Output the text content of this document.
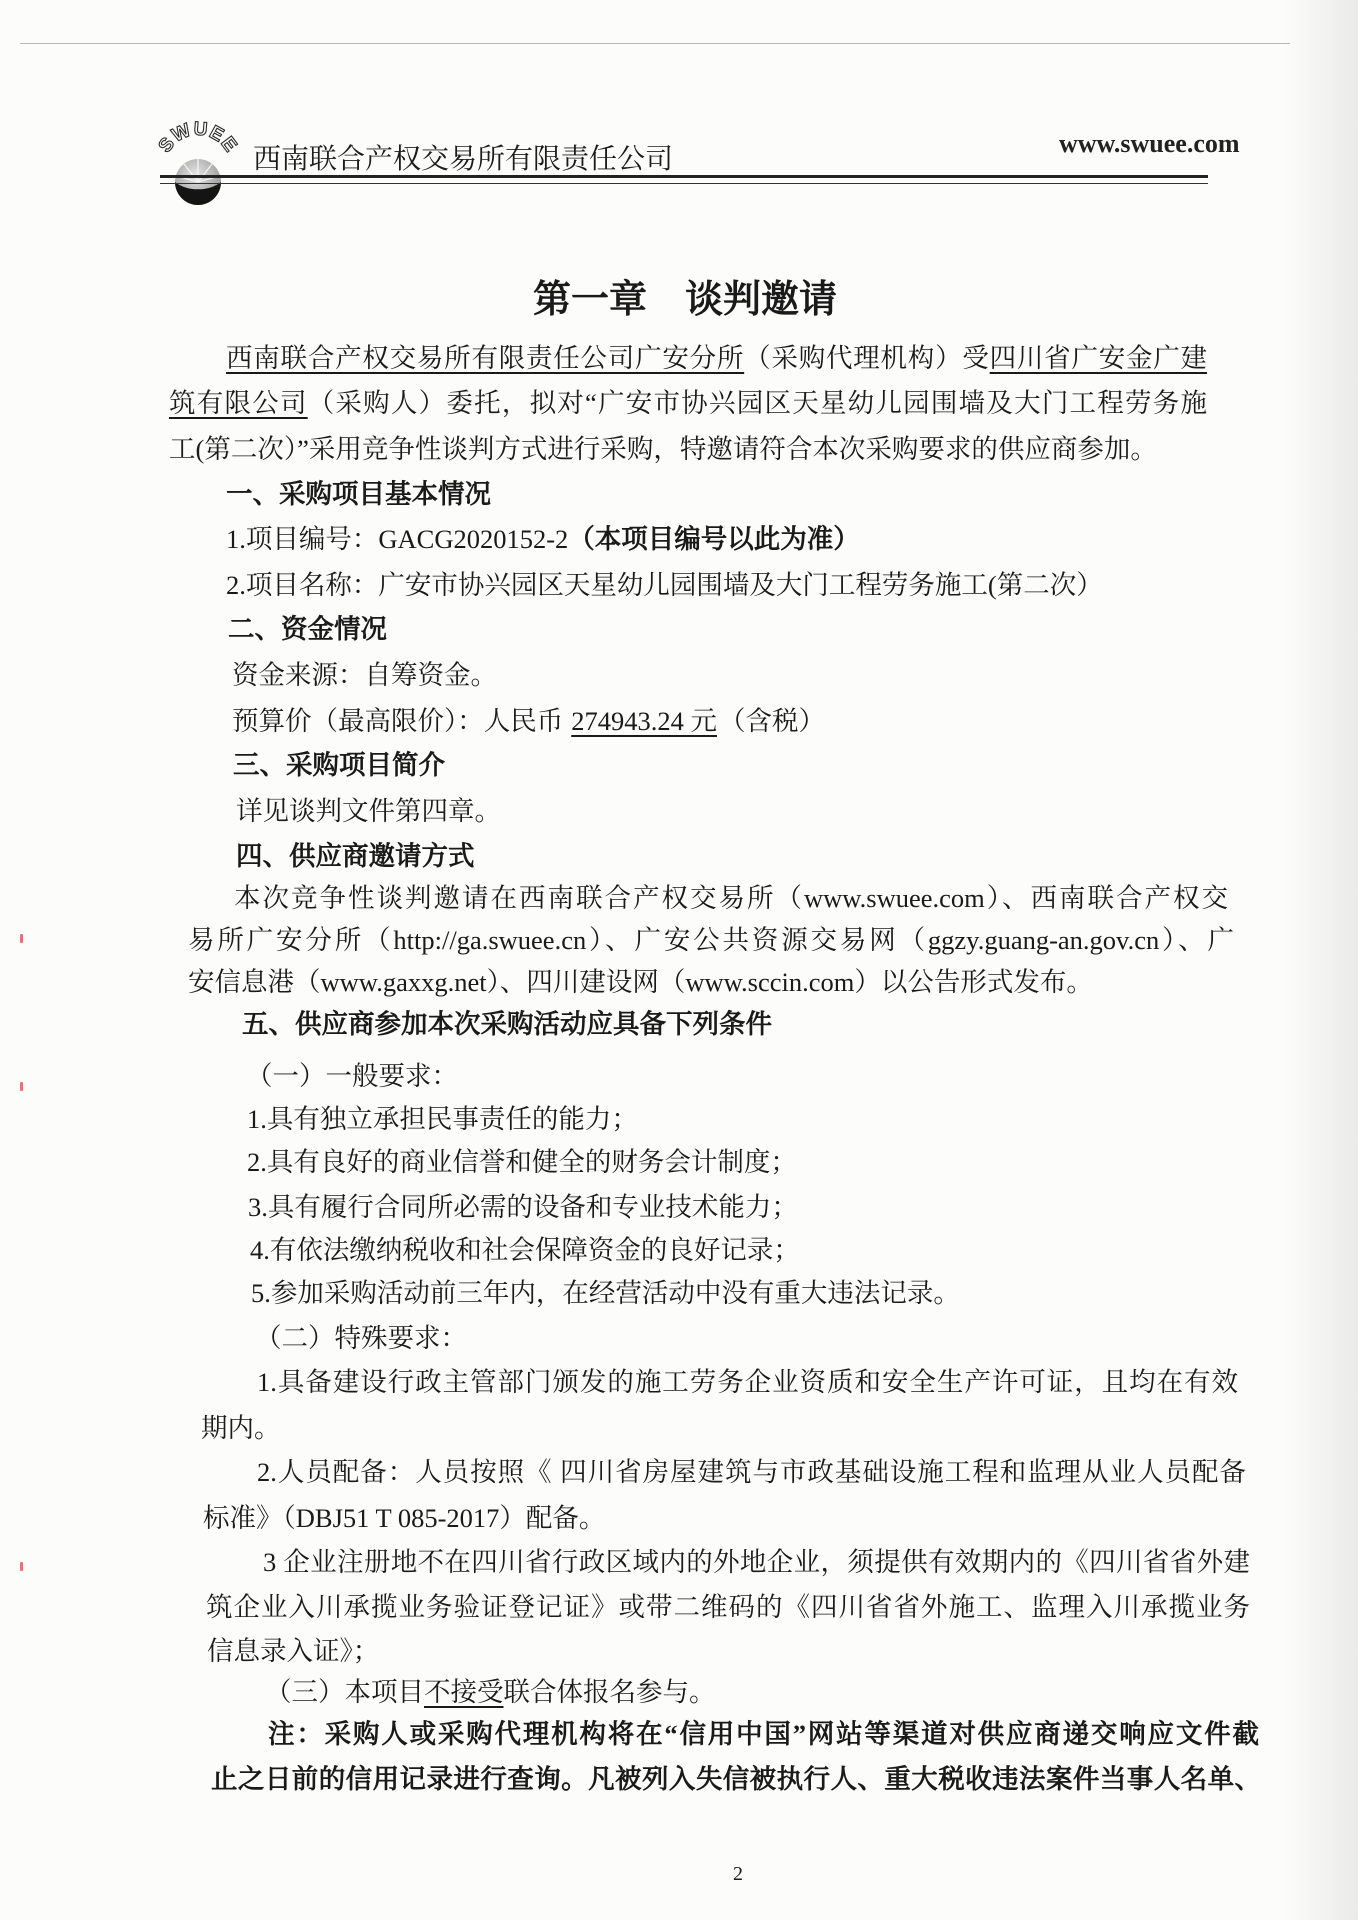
SWUEE 西南联合产权交易所有限责任公司
www.swuee.com
第一章　谈判邀请
西南联合产权交易所有限责任公司广安分所（采购代理机构）受四川省广安金广建
筑有限公司（采购人）委托，拟对“广安市协兴园区天星幼儿园围墙及大门工程劳务施
工(第二次）”采用竞争性谈判方式进行采购，特邀请符合本次采购要求的供应商参加。
一、采购项目基本情况
1.项目编号：GACG2020152-2（本项目编号以此为准）
2.项目名称：广安市协兴园区天星幼儿园围墙及大门工程劳务施工(第二次）
二、资金情况
资金来源：自筹资金。
预算价（最高限价）：人民币 274943.24 元（含税）
三、采购项目简介
详见谈判文件第四章。
四、供应商邀请方式
本次竞争性谈判邀请在西南联合产权交易所（www.swuee.com）、西南联合产权交
易所广安分所（http://ga.swuee.cn）、广安公共资源交易网（ggzy.guang-an.gov.cn）、广
安信息港（www.gaxxg.net）、四川建设网（www.sccin.com）以公告形式发布。
五、供应商参加本次采购活动应具备下列条件
（一）一般要求：
1.具有独立承担民事责任的能力；
2.具有良好的商业信誉和健全的财务会计制度；
3.具有履行合同所必需的设备和专业技术能力；
4.有依法缴纳税收和社会保障资金的良好记录；
5.参加采购活动前三年内，在经营活动中没有重大违法记录。
（二）特殊要求：
1.具备建设行政主管部门颁发的施工劳务企业资质和安全生产许可证，且均在有效
期内。
2.人员配备：人员按照《 四川省房屋建筑与市政基础设施工程和监理从业人员配备
标准》（DBJ51 T 085-2017）配备。
3 企业注册地不在四川省行政区域内的外地企业，须提供有效期内的《四川省省外建
筑企业入川承揽业务验证登记证》或带二维码的《四川省省外施工、监理入川承揽业务
信息录入证》；
（三）本项目不接受联合体报名参与。
注：采购人或采购代理机构将在“信用中国”网站等渠道对供应商递交响应文件截
止之日前的信用记录进行查询。凡被列入失信被执行人、重大税收违法案件当事人名单、
2
